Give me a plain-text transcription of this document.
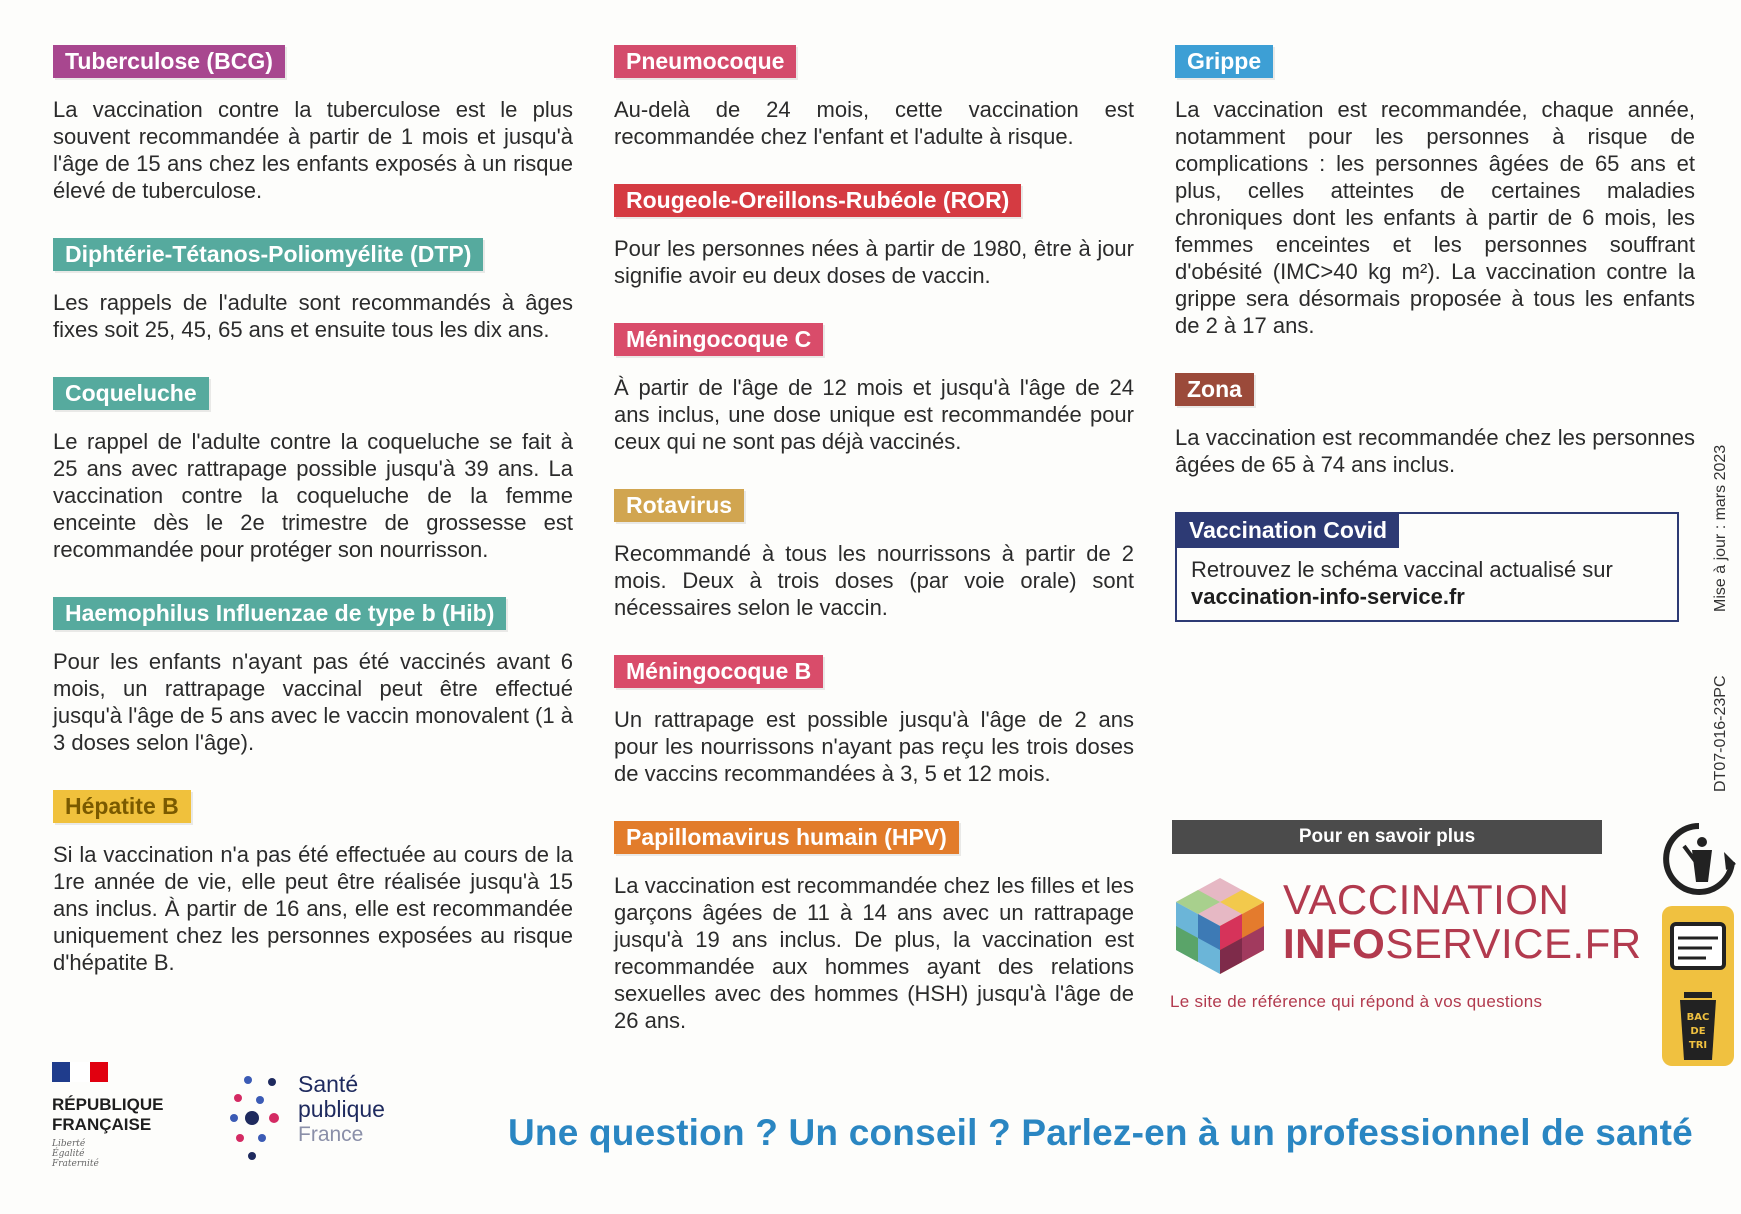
Tuberculose (BCG)
La vaccination contre la tuberculose est le plus souvent recommandée à partir de 1 mois et jusqu'à l'âge de 15 ans chez les enfants exposés à un risque élevé de tuberculose.
Diphtérie-Tétanos-Poliomyélite (DTP)
Les rappels de l'adulte sont recommandés à âges fixes soit 25, 45, 65 ans et ensuite tous les dix ans.
Coqueluche
Le rappel de l'adulte contre la coqueluche se fait à 25 ans avec rattrapage possible jusqu'à 39 ans. La vaccination contre la coqueluche de la femme enceinte dès le 2e trimestre de grossesse est recommandée pour protéger son nourrisson.
Haemophilus Influenzae de type b (Hib)
Pour les enfants n'ayant pas été vaccinés avant 6 mois, un rattrapage vaccinal peut être effectué jusqu'à l'âge de 5 ans avec le vaccin monovalent (1 à 3 doses selon l'âge).
Hépatite B
Si la vaccination n'a pas été effectuée au cours de la 1re année de vie, elle peut être réalisée jusqu'à 15 ans inclus. À partir de 16 ans, elle est recommandée uniquement chez les personnes exposées au risque d'hépatite B.
Pneumocoque
Au-delà de 24 mois, cette vaccination est recommandée chez l'enfant et l'adulte à risque.
Rougeole-Oreillons-Rubéole (ROR)
Pour les personnes nées à partir de 1980, être à jour signifie avoir eu deux doses de vaccin.
Méningocoque C
À partir de l'âge de 12 mois et jusqu'à l'âge de 24 ans inclus, une dose unique est recommandée pour ceux qui ne sont pas déjà vaccinés.
Rotavirus
Recommandé à tous les nourrissons à partir de 2 mois. Deux à trois doses (par voie orale) sont nécessaires selon le vaccin.
Méningocoque B
Un rattrapage est possible jusqu'à l'âge de 2 ans pour les nourrissons n'ayant pas reçu les trois doses de vaccins recommandées à 3, 5 et 12 mois.
Papillomavirus humain (HPV)
La vaccination est recommandée chez les filles et les garçons âgées de 11 à 14 ans avec un rattrapage jusqu'à 19 ans inclus. De plus, la vaccination est recommandée aux hommes ayant des relations sexuelles avec des hommes (HSH) jusqu'à l'âge de 26 ans.
Grippe
La vaccination est recommandée, chaque année, notamment pour les personnes à risque de complications : les personnes âgées de 65 ans et plus, celles atteintes de certaines maladies chroniques dont les enfants à partir de 6 mois, les femmes enceintes et les personnes souffrant d'obésité (IMC>40 kg m²). La vaccination contre la grippe sera désormais proposée à tous les enfants de 2 à 17 ans.
Zona
La vaccination est recommandée chez les personnes âgées de 65 à 74 ans inclus.
Vaccination Covid
Retrouvez le schéma vaccinal actualisé sur
vaccination-info-service.fr
Pour en savoir plus
VACCINATION
INFOSERVICE.FR
Le site de référence qui répond à vos questions
Mise à jour : mars 2023
DT07-016-23PC
BAC
DE
TRI
RÉPUBLIQUE
FRANÇAISE
Liberté
Égalité
Fraternité
Santé
publique
France	Une question ? Un conseil ? Parlez-en à un professionnel de santé
